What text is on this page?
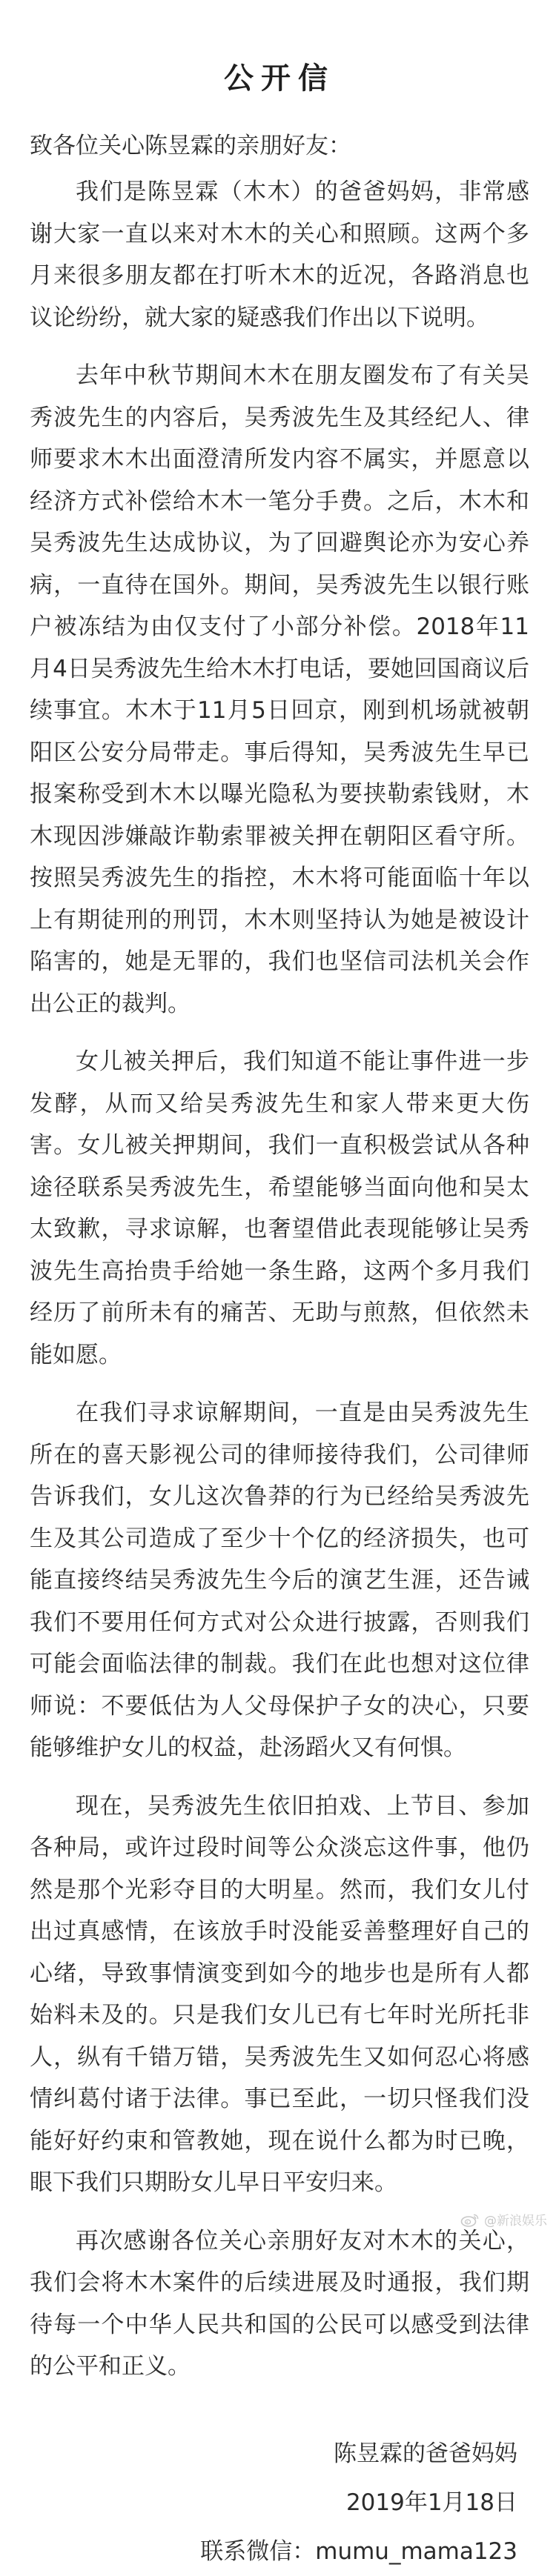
公开信
致各位关心陈昱霖的亲朋好友：

我们是陈昱霖（木木）的爸爸妈妈，非常感谢大家一直以来对木木的关心和照顾。这两个多月来很多朋友都在打听木木的近况，各路消息也议论纷纷，就大家的疑惑我们作出以下说明。

去年中秋节期间木木在朋友圈发布了有关吴秀波先生的内容后，吴秀波先生及其经纪人、律师要求木木出面澄清所发内容不属实，并愿意以经济方式补偿给木木一笔分手费。之后，木木和吴秀波先生达成协议，为了回避舆论亦为安心养病，一直待在国外。期间，吴秀波先生以银行账户被冻结为由仅支付了小部分补偿。2018年11月4日吴秀波先生给木木打电话，要她回国商议后续事宜。木木于11月5日回京，刚到机场就被朝阳区公安分局带走。事后得知，吴秀波先生早已报案称受到木木以曝光隐私为要挟勒索钱财，木木现因涉嫌敲诈勒索罪被关押在朝阳区看守所。按照吴秀波先生的指控，木木将可能面临十年以上有期徒刑的刑罚，木木则坚持认为她是被设计陷害的，她是无罪的，我们也坚信司法机关会作出公正的裁判。

女儿被关押后，我们知道不能让事件进一步发酵，从而又给吴秀波先生和家人带来更大伤害。女儿被关押期间，我们一直积极尝试从各种途径联系吴秀波先生，希望能够当面向他和吴太太致歉，寻求谅解，也奢望借此表现能够让吴秀波先生高抬贵手给她一条生路，这两个多月我们经历了前所未有的痛苦、无助与煎熬，但依然未能如愿。

在我们寻求谅解期间，一直是由吴秀波先生所在的喜天影视公司的律师接待我们，公司律师告诉我们，女儿这次鲁莽的行为已经给吴秀波先生及其公司造成了至少十个亿的经济损失，也可能直接终结吴秀波先生今后的演艺生涯，还告诫我们不要用任何方式对公众进行披露，否则我们可能会面临法律的制裁。我们在此也想对这位律师说：不要低估为人父母保护子女的决心，只要能够维护女儿的权益，赴汤蹈火又有何惧。

现在，吴秀波先生依旧拍戏、上节目、参加各种局，或许过段时间等公众淡忘这件事，他仍然是那个光彩夺目的大明星。然而，我们女儿付出过真感情，在该放手时没能妥善整理好自己的心绪，导致事情演变到如今的地步也是所有人都始料未及的。只是我们女儿已有七年时光所托非人，纵有千错万错，吴秀波先生又如何忍心将感情纠葛付诸于法律。事已至此，一切只怪我们没能好好约束和管教她，现在说什么都为时已晚，眼下我们只期盼女儿早日平安归来。

再次感谢各位关心亲朋好友对木木的关心，我们会将木木案件的后续进展及时通报，我们期待每一个中华人民共和国的公民可以感受到法律的公平和正义。

陈昱霖的爸爸妈妈
2019年1月18日
联系微信：mumu_mama123
@新浪娱乐
